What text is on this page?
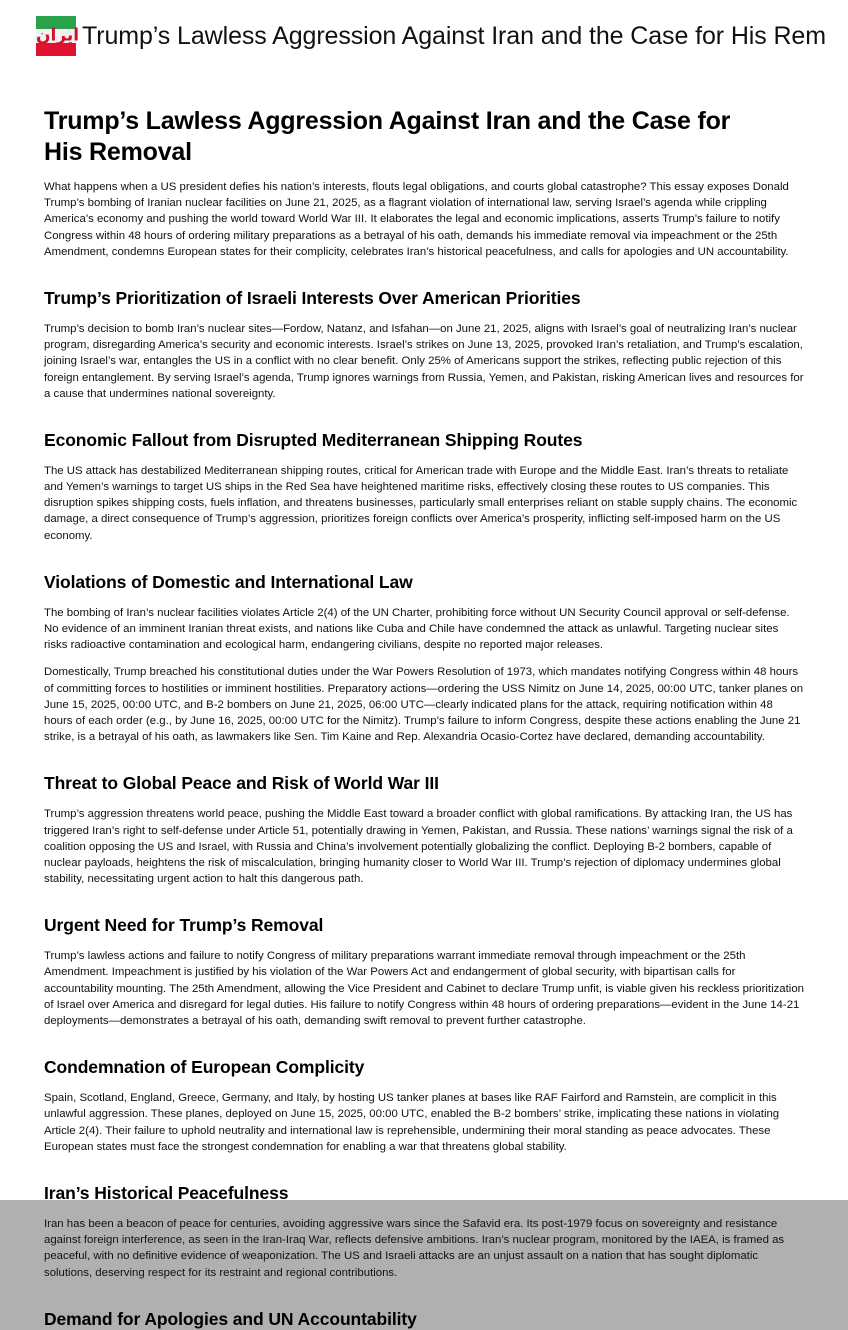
ایران Trump’s Lawless Aggression Against Iran and the Case for His Rem
Trump’s Lawless Aggression Against Iran and the Case for His Removal

What happens when a US president defies his nation’s interests, flouts legal obligations, and courts global catastrophe? This essay exposes Donald Trump’s bombing of Iranian nuclear facilities on June 21, 2025, as a flagrant violation of international law, serving Israel’s agenda while crippling America’s economy and pushing the world toward World War III. It elaborates the legal and economic implications, asserts Trump’s failure to notify Congress within 48 hours of ordering military preparations as a betrayal of his oath, demands his immediate removal via impeachment or the 25th Amendment, condemns European states for their complicity, celebrates Iran’s historical peacefulness, and calls for apologies and UN accountability.

Trump’s Prioritization of Israeli Interests Over American Priorities

Trump’s decision to bomb Iran’s nuclear sites—Fordow, Natanz, and Isfahan—on June 21, 2025, aligns with Israel’s goal of neutralizing Iran’s nuclear program, disregarding America’s security and economic interests. Israel’s strikes on June 13, 2025, provoked Iran’s retaliation, and Trump’s escalation, joining Israel’s war, entangles the US in a conflict with no clear benefit. Only 25% of Americans support the strikes, reflecting public rejection of this foreign entanglement. By serving Israel’s agenda, Trump ignores warnings from Russia, Yemen, and Pakistan, risking American lives and resources for a cause that undermines national sovereignty.

Economic Fallout from Disrupted Mediterranean Shipping Routes

The US attack has destabilized Mediterranean shipping routes, critical for American trade with Europe and the Middle East. Iran’s threats to retaliate and Yemen’s warnings to target US ships in the Red Sea have heightened maritime risks, effectively closing these routes to US companies. This disruption spikes shipping costs, fuels inflation, and threatens businesses, particularly small enterprises reliant on stable supply chains. The economic damage, a direct consequence of Trump’s aggression, prioritizes foreign conflicts over America’s prosperity, inflicting self-imposed harm on the US economy.

Violations of Domestic and International Law

The bombing of Iran’s nuclear facilities violates Article 2(4) of the UN Charter, prohibiting force without UN Security Council approval or self-defense. No evidence of an imminent Iranian threat exists, and nations like Cuba and Chile have condemned the attack as unlawful. Targeting nuclear sites risks radioactive contamination and ecological harm, endangering civilians, despite no reported major releases.

Domestically, Trump breached his constitutional duties under the War Powers Resolution of 1973, which mandates notifying Congress within 48 hours of committing forces to hostilities or imminent hostilities. Preparatory actions—ordering the USS Nimitz on June 14, 2025, 00:00 UTC, tanker planes on June 15, 2025, 00:00 UTC, and B-2 bombers on June 21, 2025, 06:00 UTC—clearly indicated plans for the attack, requiring notification within 48 hours of each order (e.g., by June 16, 2025, 00:00 UTC for the Nimitz). Trump’s failure to inform Congress, despite these actions enabling the June 21 strike, is a betrayal of his oath, as lawmakers like Sen. Tim Kaine and Rep. Alexandria Ocasio-Cortez have declared, demanding accountability.

Threat to Global Peace and Risk of World War III

Trump’s aggression threatens world peace, pushing the Middle East toward a broader conflict with global ramifications. By attacking Iran, the US has triggered Iran’s right to self-defense under Article 51, potentially drawing in Yemen, Pakistan, and Russia. These nations’ warnings signal the risk of a coalition opposing the US and Israel, with Russia and China’s involvement potentially globalizing the conflict. Deploying B-2 bombers, capable of nuclear payloads, heightens the risk of miscalculation, bringing humanity closer to World War III. Trump’s rejection of diplomacy undermines global stability, necessitating urgent action to halt this dangerous path.

Urgent Need for Trump’s Removal

Trump’s lawless actions and failure to notify Congress of military preparations warrant immediate removal through impeachment or the 25th Amendment. Impeachment is justified by his violation of the War Powers Act and endangerment of global security, with bipartisan calls for accountability mounting. The 25th Amendment, allowing the Vice President and Cabinet to declare Trump unfit, is viable given his reckless prioritization of Israel over America and disregard for legal duties. His failure to notify Congress within 48 hours of ordering preparations—evident in the June 14-21 deployments—demonstrates a betrayal of his oath, demanding swift removal to prevent further catastrophe.

Condemnation of European Complicity

Spain, Scotland, England, Greece, Germany, and Italy, by hosting US tanker planes at bases like RAF Fairford and Ramstein, are complicit in this unlawful aggression. These planes, deployed on June 15, 2025, 00:00 UTC, enabled the B-2 bombers’ strike, implicating these nations in violating Article 2(4). Their failure to uphold neutrality and international law is reprehensible, undermining their moral standing as peace advocates. These European states must face the strongest condemnation for enabling a war that threatens global stability.

Iran’s Historical Peacefulness

Iran has been a beacon of peace for centuries, avoiding aggressive wars since the Safavid era. Its post-1979 focus on sovereignty and resistance against foreign interference, as seen in the Iran-Iraq War, reflects defensive ambitions. Iran’s nuclear program, monitored by the IAEA, is framed as peaceful, with no definitive evidence of weaponization. The US and Israeli attacks are an unjust assault on a nation that has sought diplomatic solutions, deserving respect for its restraint and regional contributions.

Demand for Apologies and UN Accountability
